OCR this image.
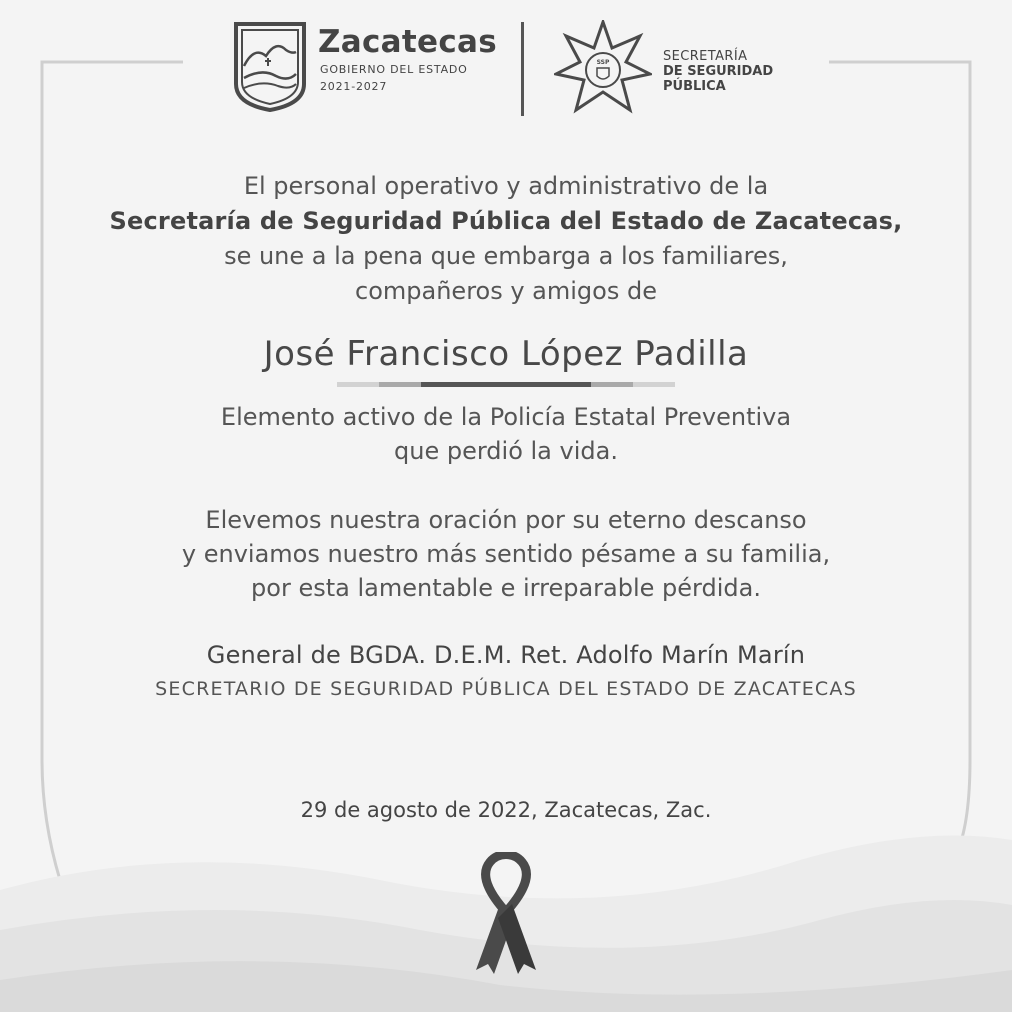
Zacatecas
GOBIERNO DEL ESTADO
2021-2027
SSP	SECRETARÍA
DE SEGURIDAD
PÚBLICA
El personal operativo y administrativo de la
Secretaría de Seguridad Pública del Estado de Zacatecas,
se une a la pena que embarga a los familiares,
compañeros y amigos de
José Francisco López Padilla
Elemento activo de la Policía Estatal Preventiva
que perdió la vida.
Elevemos nuestra oración por su eterno descanso
y enviamos nuestro más sentido pésame a su familia,
por esta lamentable e irreparable pérdida.
General de BGDA. D.E.M. Ret. Adolfo Marín Marín
SECRETARIO DE SEGURIDAD PÚBLICA DEL ESTADO DE ZACATECAS
29 de agosto de 2022, Zacatecas, Zac.
